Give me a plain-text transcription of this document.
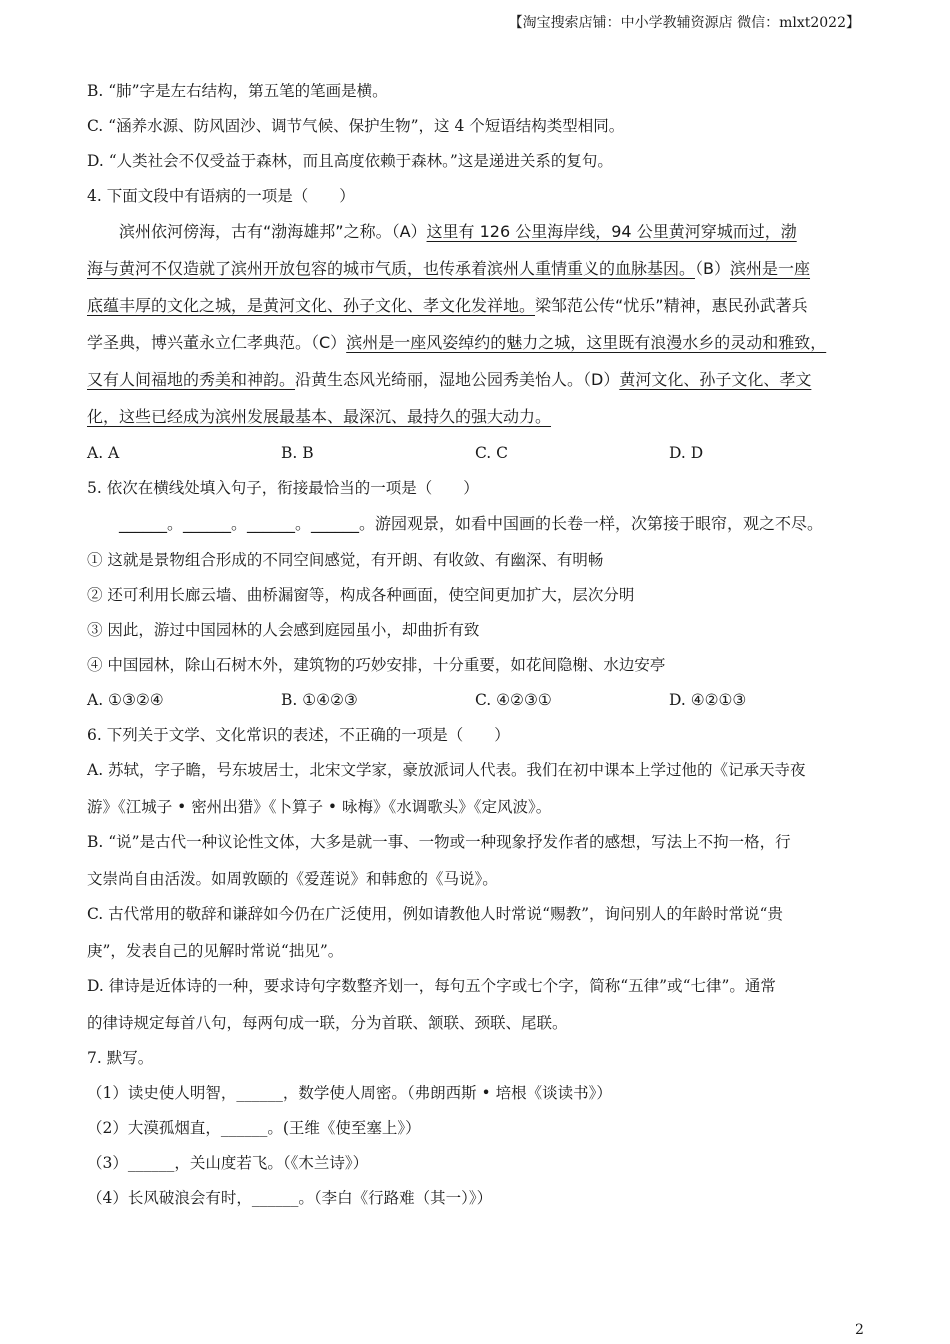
【淘宝搜索店铺：中小学教辅资源店 微信：mlxt2022】
B. “肺”字是左右结构，第五笔的笔画是横。
C. “涵养水源、防风固沙、调节气候、保护生物”，这 4 个短语结构类型相同。
D. “人类社会不仅受益于森林，而且高度依赖于森林。”这是递进关系的复句。
4. 下面文段中有语病的一项是（　　）
滨州依河傍海，古有“渤海雄邦”之称。（A）这里有 126 公里海岸线，94 公里黄河穿城而过，渤
海与黄河不仅造就了滨州开放包容的城市气质，也传承着滨州人重情重义的血脉基因。（B）滨州是一座
底蕴丰厚的文化之城，是黄河文化、孙子文化、孝文化发祥地。梁邹范公传“忧乐”精神，惠民孙武著兵
学圣典，博兴董永立仁孝典范。（C）滨州是一座风姿绰约的魅力之城，这里既有浪漫水乡的灵动和雅致，
又有人间福地的秀美和神韵。沿黄生态风光绮丽，湿地公园秀美怡人。（D）黄河文化、孙子文化、孝文
化，这些已经成为滨州发展最基本、最深沉、最持久的强大动力。
A. A	B. B	C. C	D. D
5. 依次在横线处填入句子，衔接最恰当的一项是（　　）
______。______。______。______。游园观景，如看中国画的长卷一样，次第接于眼帘，观之不尽。
① 这就是景物组合形成的不同空间感觉，有开朗、有收敛、有幽深、有明畅
② 还可利用长廊云墙、曲桥漏窗等，构成各种画面，使空间更加扩大，层次分明
③ 因此，游过中国园林的人会感到庭园虽小，却曲折有致
④ 中国园林，除山石树木外，建筑物的巧妙安排，十分重要，如花间隐榭、水边安亭
A. ①③②④	B. ①④②③	C. ④②③①	D. ④②①③
6. 下列关于文学、文化常识的表述，不正确的一项是（　　）
A. 苏轼，字子瞻，号东坡居士，北宋文学家，豪放派词人代表。我们在初中课本上学过他的《记承天寺夜
游》《江城子 • 密州出猎》《卜算子 • 咏梅》《水调歌头》《定风波》。
B. “说”是古代一种议论性文体，大多是就一事、一物或一种现象抒发作者的感想，写法上不拘一格，行
文崇尚自由活泼。如周敦颐的《爱莲说》和韩愈的《马说》。
C. 古代常用的敬辞和谦辞如今仍在广泛使用，例如请教他人时常说“赐教”，询问别人的年龄时常说“贵
庚”，发表自己的见解时常说“拙见”。
D. 律诗是近体诗的一种，要求诗句字数整齐划一，每句五个字或七个字，简称“五律”或“七律”。通常
的律诗规定每首八句，每两句成一联，分为首联、颔联、颈联、尾联。
7. 默写。
（1）读史使人明智，______，数学使人周密。（弗朗西斯 • 培根《谈读书》）
（2）大漠孤烟直，______。(王维《使至塞上》）
（3）______，关山度若飞。（《木兰诗》）
（4）长风破浪会有时，______。（李白《行路难（其一）》）
2
